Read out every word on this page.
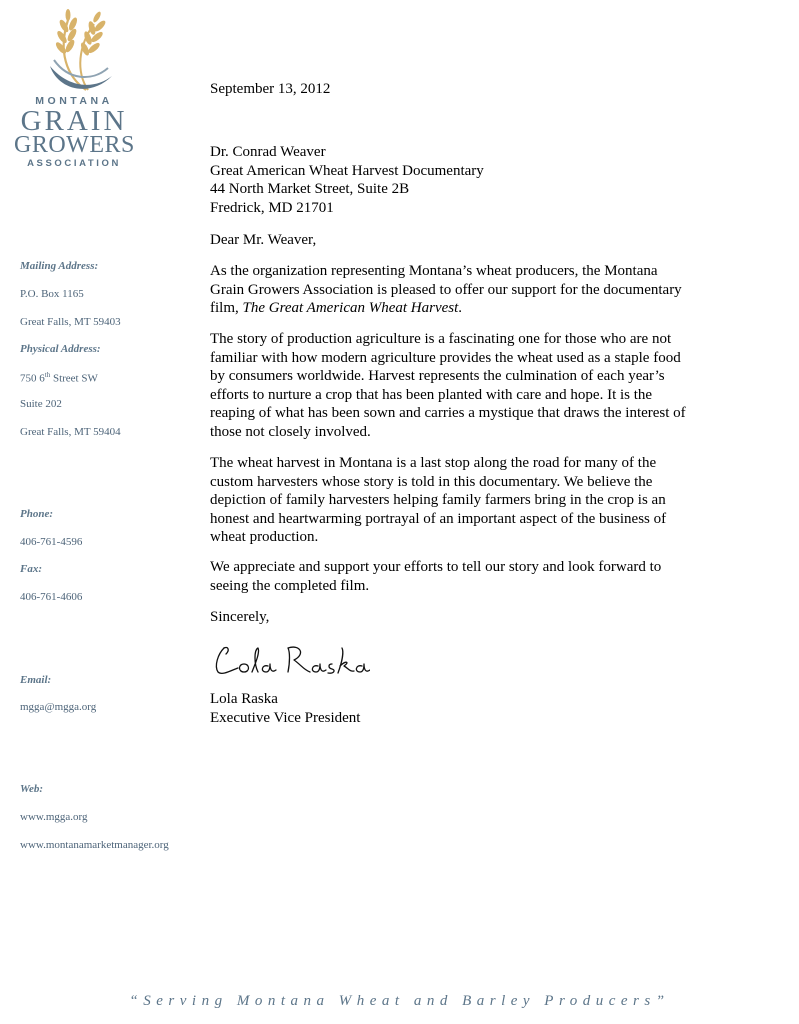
MONTANA
GRAIN
GROWERS
ASSOCIATION
Mailing Address:
P.O. Box 1165
Great Falls, MT 59403
Physical Address:
750 6th Street SW
Suite 202
Great Falls, MT 59404
Phone:
406-761-4596
Fax:
406-761-4606
Email:
mgga@mgga.org
Web:
www.mgga.org
www.montanamarketmanager.org
September 13, 2012
Dr. Conrad Weaver
Great American Wheat Harvest Documentary
44 North Market Street, Suite 2B
Fredrick, MD 21701
Dear Mr. Weaver,

As the organization representing Montana’s wheat producers, the Montana Grain Growers Association is pleased to offer our support for the documentary film, The Great American Wheat Harvest.

The story of production agriculture is a fascinating one for those who are not familiar with how modern agriculture provides the wheat used as a staple food by consumers worldwide. Harvest represents the culmination of each year’s efforts to nurture a crop that has been planted with care and hope. It is the reaping of what has been sown and carries a mystique that draws the interest of those not closely involved.

The wheat harvest in Montana is a last stop along the road for many of the custom harvesters whose story is told in this documentary. We believe the depiction of family harvesters helping family farmers bring in the crop is an honest and heartwarming portrayal of an important aspect of the business of wheat production.

We appreciate and support your efforts to tell our story and look forward to seeing the completed film.

Sincerely,
Lola Raska
Executive Vice President
“Serving Montana Wheat and Barley Producers”
